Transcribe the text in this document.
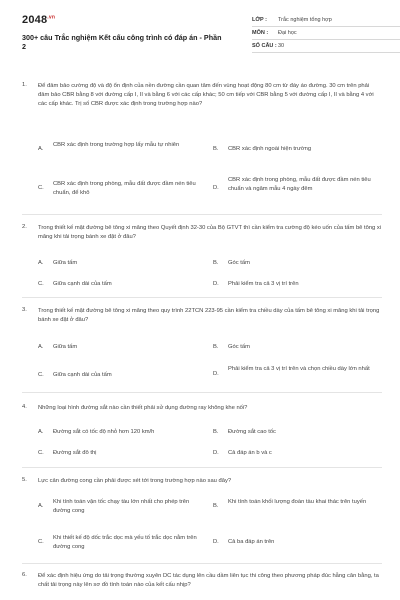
$2048^{.vn}$
300+ câu Trắc nghiệm Kết cấu công trình có đáp án - Phần 2
LỚP : Trắc nghiệm tổng hợp
MÔN : Đại học
SỐ CÂU : 30
1. Để đảm bảo cường độ và độ ổn định của nền đường cần quan tâm đến vùng hoạt động 80 cm từ đáy áo đường. 30 cm trên phải đảm bảo CBR bằng 8 với đường cấp I, II và bằng 6 với các cấp khác; 50 cm tiếp với CBR bằng 5 với đường cấp I, II và bằng 4 với các cấp khác. Trị số CBR được xác định trong trường hợp nào?
A.
CBR xác định trong trường hợp lấy mẫu tự nhiên
B. CBR xác định ngoài hiện trường
C.
CBR xác định trong phòng, mẫu đất được đầm nén tiêu chuẩn, để khô
D.
CBR xác định trong phòng, mẫu đất được đầm nén tiêu chuẩn và ngâm mẫu 4 ngày đêm
2. Trong thiết kế mặt đường bê tông xi măng theo Quyết định 32-30 của Bộ GTVT thì cần kiểm tra cường độ kéo uốn của tấm bê tông xi măng khi tải trọng bánh xe đặt ở đâu?
A. Giữa tấm	B. Góc tấm
C. Giữa cạnh dài của tấm	D. Phải kiểm tra cả 3 vị trí trên
3. Trong thiết kế mặt đường bê tông xi măng theo quy trình 22TCN 223-95 cần kiểm tra chiều dày của tấm bê tông xi măng khi tải trọng bánh xe đặt ở đâu?
A. Giữa tấm	B. Góc tấm
C. Giữa cạnh dài của tấm	D.
Phải kiểm tra cả 3 vị trí trên và chọn chiều dày lớn nhất
4. Những loại hình đường sắt nào cần thiết phải sử dụng đường ray không khe nối?
A. Đường sắt có tốc độ nhỏ hơn 120 km/h	B. Đường sắt cao tốc
C. Đường sắt đô thị	D. Cả đáp án b và c
5. Lực cản đường cong cần phải được xét tới trong trường hợp nào sau đây?
A.
Khi tính toán vận tốc chạy tàu lớn nhất cho phép trên đường cong
B.
Khi tính toán khối lượng đoàn tàu khai thác trên tuyến
C.
Khi thiết kế độ dốc trắc dọc mà yếu tố trắc dọc nằm trên đường cong
D. Cả ba đáp án trên
6. Để xác định hiệu ứng do tải trọng thường xuyên DC tác dụng lên cầu dầm liên tục thi công theo phương pháp đúc hẫng cân bằng, ta chất tải trọng này lên sơ đồ tính toán nào của kết cấu nhịp?
